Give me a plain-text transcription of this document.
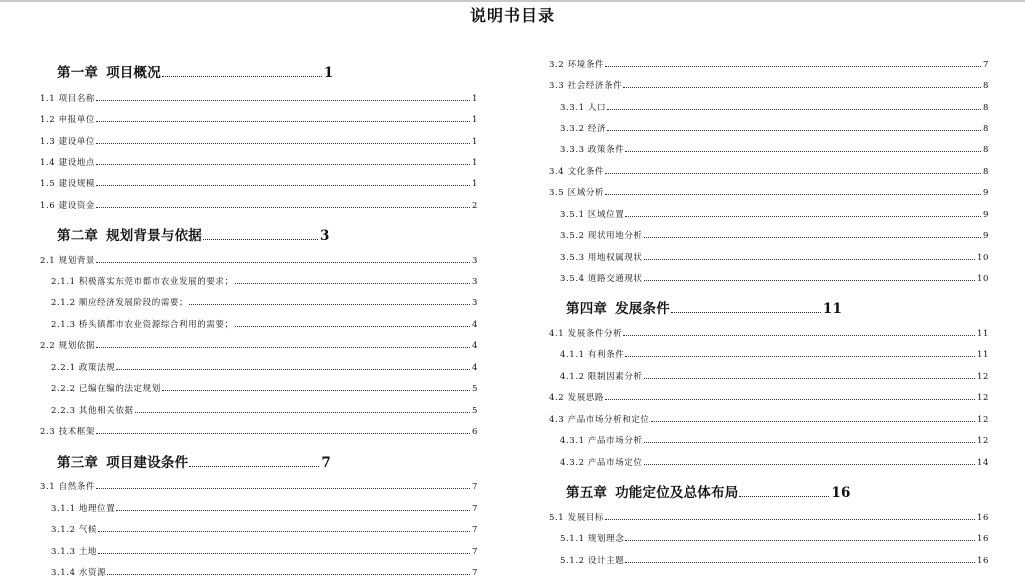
说明书目录
第一章 项目概况	1
1.1 项目名称	1
1.2 申报单位	1
1.3 建设单位	1
1.4 建设地点	1
1.5 建设规模	1
1.6 建设资金	2
第二章 规划背景与依据	3
2.1 规划背景	3
2.1.1 积极落实东莞市都市农业发展的要求；	3
2.1.2 顺应经济发展阶段的需要；	3
2.1.3 桥头镇都市农业资源综合利用的需要；	4
2.2 规划依据	4
2.2.1 政策法规	4
2.2.2 已编在编的法定规划	5
2.2.3 其他相关依据	5
2.3 技术框架	6
第三章 项目建设条件	7
3.1 自然条件	7
3.1.1 地理位置	7
3.1.2 气候	7
3.1.3 土地	7
3.1.4 水资源	7
3.2 环境条件	7
3.3 社会经济条件	8
3.3.1 人口	8
3.3.2 经济	8
3.3.3 政策条件	8
3.4 文化条件	8
3.5 区域分析	9
3.5.1 区域位置	9
3.5.2 现状用地分析	9
3.5.3 用地权属现状	10
3.5.4 道路交通现状	10
第四章 发展条件	11
4.1 发展条件分析	11
4.1.1 有利条件	11
4.1.2 限制因素分析	12
4.2 发展思路	12
4.3 产品市场分析和定位	12
4.3.1 产品市场分析	12
4.3.2 产品市场定位	14
第五章 功能定位及总体布局	16
5.1 发展目标	16
5.1.1 规划理念	16
5.1.2 设计主题	16
